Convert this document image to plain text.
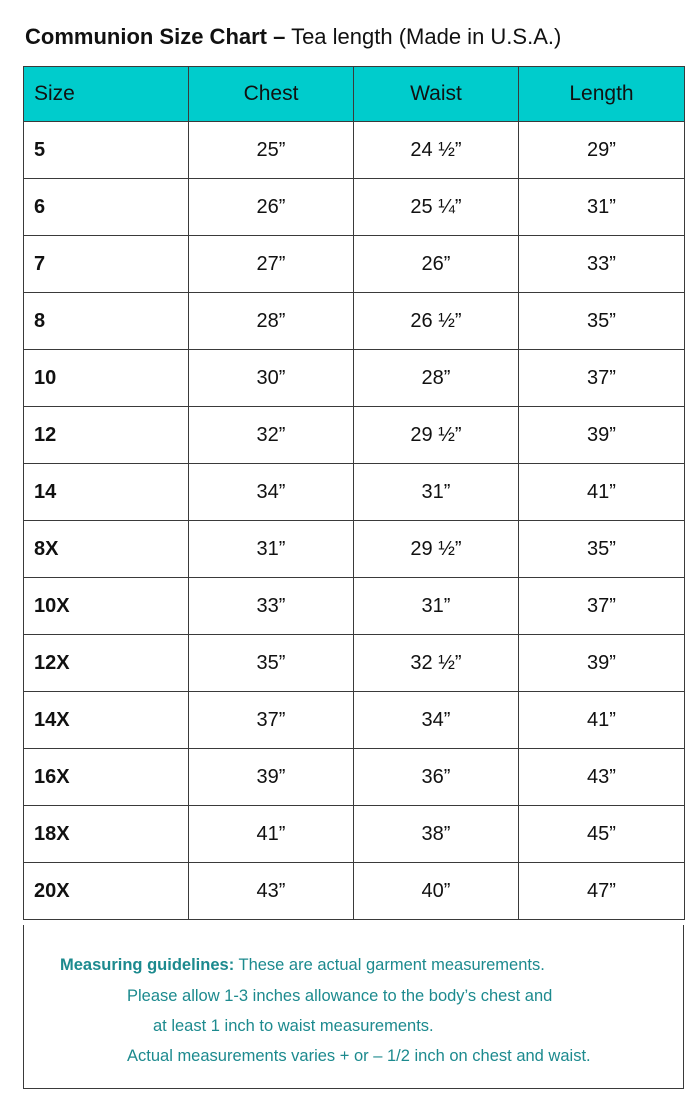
Communion Size Chart – Tea length (Made in U.S.A.)
Size	Chest	Waist	Length
5	25”	24 ½”	29”
6	26”	25 ¼”	31”
7	27”	26”	33”
8	28”	26 ½”	35”
10	30”	28”	37”
12	32”	29 ½”	39”
14	34”	31”	41”
8X	31”	29 ½”	35”
10X	33”	31”	37”
12X	35”	32 ½”	39”
14X	37”	34”	41”
16X	39”	36”	43”
18X	41”	38”	45”
20X	43”	40”	47”
Measuring guidelines: These are actual garment measurements.
Please allow 1-3 inches allowance to the body’s chest and
at least 1 inch to waist measurements.
Actual measurements varies + or – 1/2 inch on chest and waist.
